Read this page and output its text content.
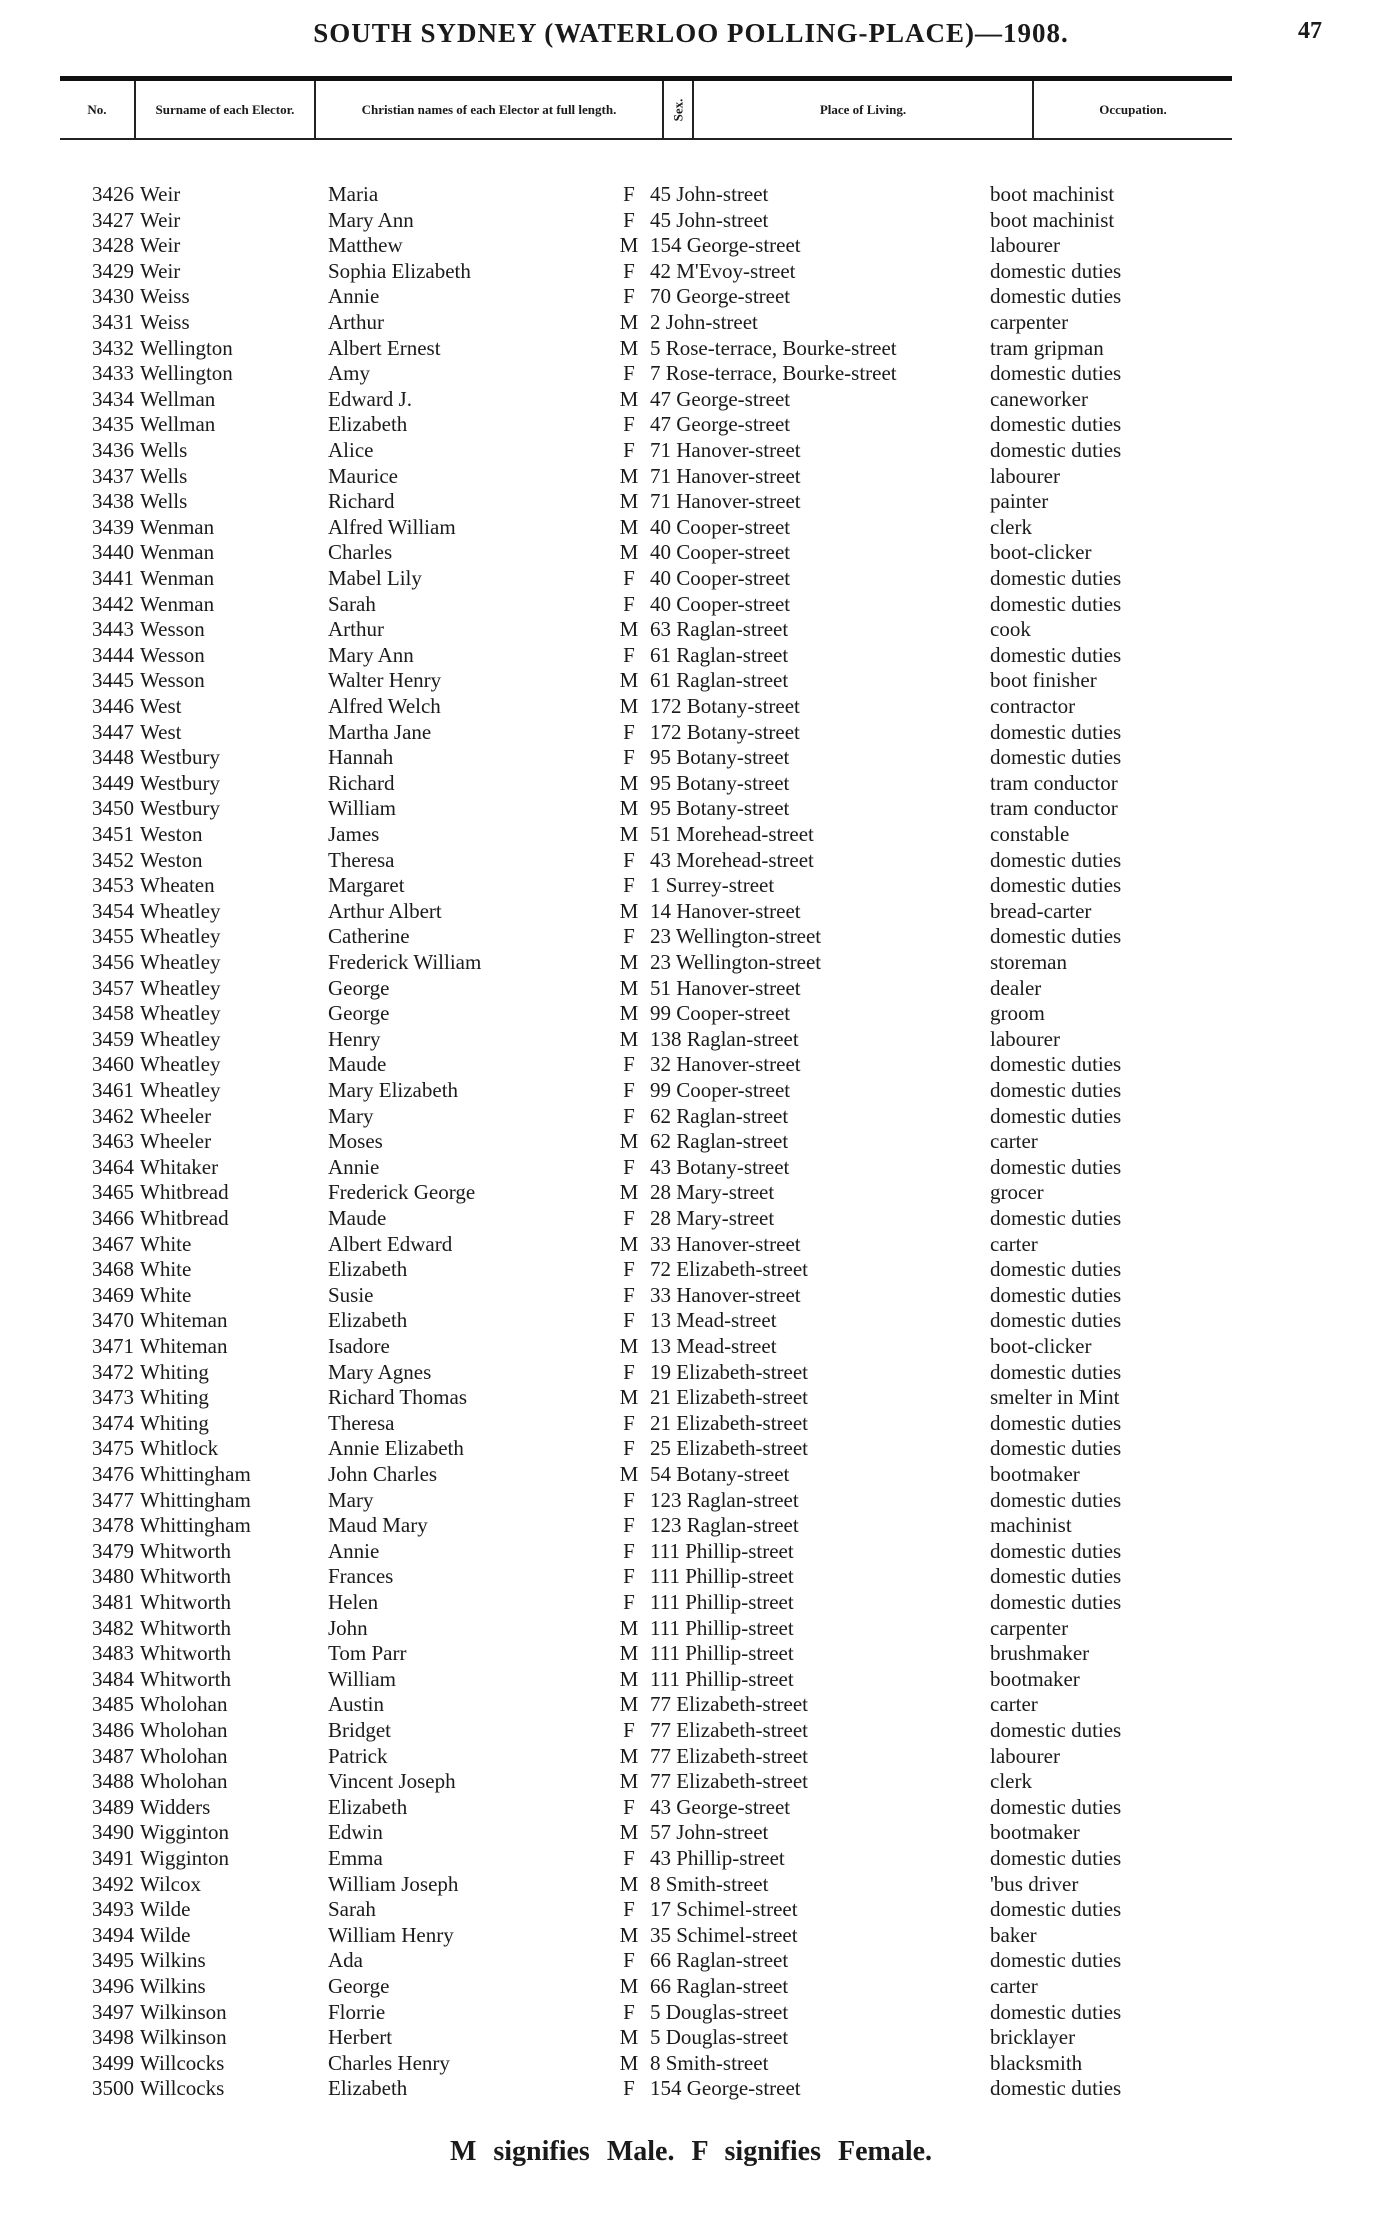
SOUTH SYDNEY (WATERLOO POLLING-PLACE)—1908.	47
No.	Surname of each Elector.	Christian names of each Elector at full length.	Sex.	Place of Living.	Occupation.
3426 Weir	Maria	F 45 John-street	boot machinist
3427 Weir	Mary Ann	F 45 John-street	boot machinist
3428 Weir	Matthew	M 154 George-street	labourer
3429 Weir	Sophia Elizabeth	F 42 M'Evoy-street	domestic duties
3430 Weiss	Annie	F 70 George-street	domestic duties
3431 Weiss	Arthur	M 2 John-street	carpenter
3432 Wellington	Albert Ernest	M 5 Rose-terrace, Bourke-street	tram gripman
3433 Wellington	Amy	F 7 Rose-terrace, Bourke-street	domestic duties
3434 Wellman	Edward J.	M 47 George-street	caneworker
3435 Wellman	Elizabeth	F 47 George-street	domestic duties
3436 Wells	Alice	F 71 Hanover-street	domestic duties
3437 Wells	Maurice	M 71 Hanover-street	labourer
3438 Wells	Richard	M 71 Hanover-street	painter
3439 Wenman	Alfred William	M 40 Cooper-street	clerk
3440 Wenman	Charles	M 40 Cooper-street	boot-clicker
3441 Wenman	Mabel Lily	F 40 Cooper-street	domestic duties
3442 Wenman	Sarah	F 40 Cooper-street	domestic duties
3443 Wesson	Arthur	M 63 Raglan-street	cook
3444 Wesson	Mary Ann	F 61 Raglan-street	domestic duties
3445 Wesson	Walter Henry	M 61 Raglan-street	boot finisher
3446 West	Alfred Welch	M 172 Botany-street	contractor
3447 West	Martha Jane	F 172 Botany-street	domestic duties
3448 Westbury	Hannah	F 95 Botany-street	domestic duties
3449 Westbury	Richard	M 95 Botany-street	tram conductor
3450 Westbury	William	M 95 Botany-street	tram conductor
3451 Weston	James	M 51 Morehead-street	constable
3452 Weston	Theresa	F 43 Morehead-street	domestic duties
3453 Wheaten	Margaret	F 1 Surrey-street	domestic duties
3454 Wheatley	Arthur Albert	M 14 Hanover-street	bread-carter
3455 Wheatley	Catherine	F 23 Wellington-street	domestic duties
3456 Wheatley	Frederick William	M 23 Wellington-street	storeman
3457 Wheatley	George	M 51 Hanover-street	dealer
3458 Wheatley	George	M 99 Cooper-street	groom
3459 Wheatley	Henry	M 138 Raglan-street	labourer
3460 Wheatley	Maude	F 32 Hanover-street	domestic duties
3461 Wheatley	Mary Elizabeth	F 99 Cooper-street	domestic duties
3462 Wheeler	Mary	F 62 Raglan-street	domestic duties
3463 Wheeler	Moses	M 62 Raglan-street	carter
3464 Whitaker	Annie	F 43 Botany-street	domestic duties
3465 Whitbread	Frederick George	M 28 Mary-street	grocer
3466 Whitbread	Maude	F 28 Mary-street	domestic duties
3467 White	Albert Edward	M 33 Hanover-street	carter
3468 White	Elizabeth	F 72 Elizabeth-street	domestic duties
3469 White	Susie	F 33 Hanover-street	domestic duties
3470 Whiteman	Elizabeth	F 13 Mead-street	domestic duties
3471 Whiteman	Isadore	M 13 Mead-street	boot-clicker
3472 Whiting	Mary Agnes	F 19 Elizabeth-street	domestic duties
3473 Whiting	Richard Thomas	M 21 Elizabeth-street	smelter in Mint
3474 Whiting	Theresa	F 21 Elizabeth-street	domestic duties
3475 Whitlock	Annie Elizabeth	F 25 Elizabeth-street	domestic duties
3476 Whittingham	John Charles	M 54 Botany-street	bootmaker
3477 Whittingham	Mary	F 123 Raglan-street	domestic duties
3478 Whittingham	Maud Mary	F 123 Raglan-street	machinist
3479 Whitworth	Annie	F 111 Phillip-street	domestic duties
3480 Whitworth	Frances	F 111 Phillip-street	domestic duties
3481 Whitworth	Helen	F 111 Phillip-street	domestic duties
3482 Whitworth	John	M 111 Phillip-street	carpenter
3483 Whitworth	Tom Parr	M 111 Phillip-street	brushmaker
3484 Whitworth	William	M 111 Phillip-street	bootmaker
3485 Wholohan	Austin	M 77 Elizabeth-street	carter
3486 Wholohan	Bridget	F 77 Elizabeth-street	domestic duties
3487 Wholohan	Patrick	M 77 Elizabeth-street	labourer
3488 Wholohan	Vincent Joseph	M 77 Elizabeth-street	clerk
3489 Widders	Elizabeth	F 43 George-street	domestic duties
3490 Wigginton	Edwin	M 57 John-street	bootmaker
3491 Wigginton	Emma	F 43 Phillip-street	domestic duties
3492 Wilcox	William Joseph	M 8 Smith-street	'bus driver
3493 Wilde	Sarah	F 17 Schimel-street	domestic duties
3494 Wilde	William Henry	M 35 Schimel-street	baker
3495 Wilkins	Ada	F 66 Raglan-street	domestic duties
3496 Wilkins	George	M 66 Raglan-street	carter
3497 Wilkinson	Florrie	F 5 Douglas-street	domestic duties
3498 Wilkinson	Herbert	M 5 Douglas-street	bricklayer
3499 Willcocks	Charles Henry	M 8 Smith-street	blacksmith
3500 Willcocks	Elizabeth	F 154 George-street	domestic duties
M signifies Male. F signifies Female.
